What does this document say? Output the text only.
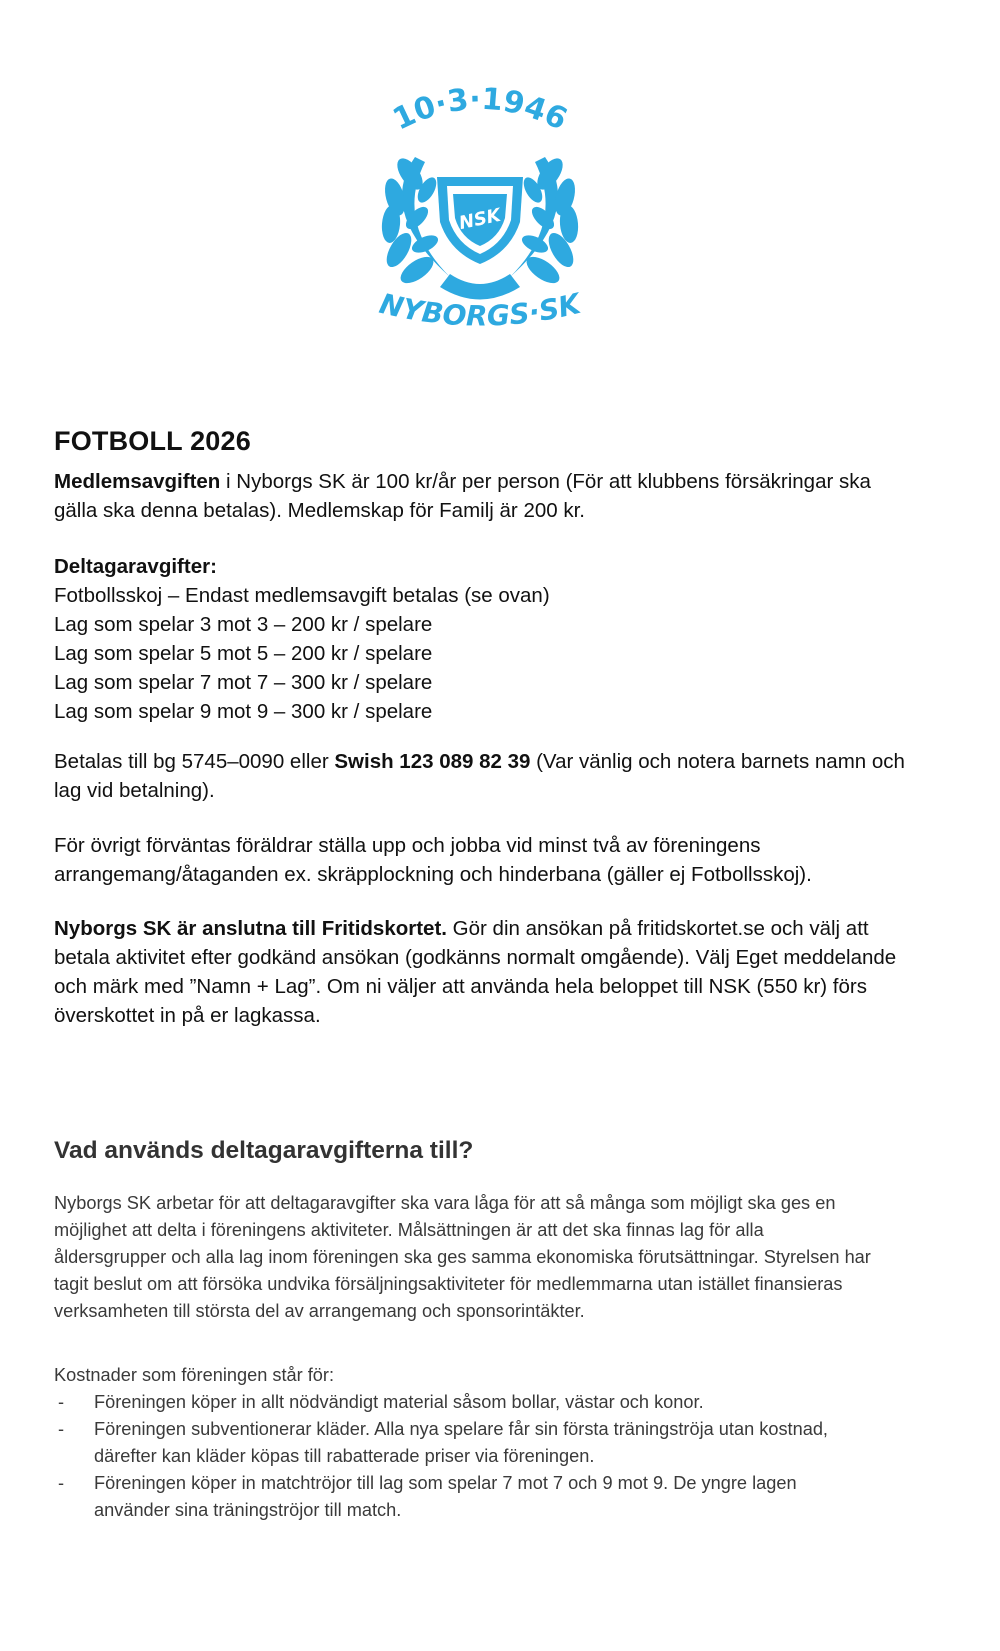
10·3·1946
NSK
NYBORGS·SK
FOTBOLL 2026

Medlemsavgiften i Nyborgs SK är 100 kr/år per person (För att klubbens försäkringar ska

gälla ska denna betalas). Medlemskap för Familj är 200 kr.

Deltagaravgifter:

Fotbollsskoj – Endast medlemsavgift betalas (se ovan)

Lag som spelar 3 mot 3 – 200 kr / spelare

Lag som spelar 5 mot 5 – 200 kr / spelare

Lag som spelar 7 mot 7 – 300 kr / spelare

Lag som spelar 9 mot 9 – 300 kr / spelare

Betalas till bg 5745–0090 eller Swish 123 089 82 39 (Var vänlig och notera barnets namn och

lag vid betalning).

För övrigt förväntas föräldrar ställa upp och jobba vid minst två av föreningens

arrangemang/åtaganden ex. skräpplockning och hinderbana (gäller ej Fotbollsskoj).

Nyborgs SK är anslutna till Fritidskortet. Gör din ansökan på fritidskortet.se och välj att

betala aktivitet efter godkänd ansökan (godkänns normalt omgående). Välj Eget meddelande

och märk med ”Namn + Lag”. Om ni väljer att använda hela beloppet till NSK (550 kr) förs

överskottet in på er lagkassa.

Vad används deltagaravgifterna till?

Nyborgs SK arbetar för att deltagaravgifter ska vara låga för att så många som möjligt ska ges en

möjlighet att delta i föreningens aktiviteter. Målsättningen är att det ska finnas lag för alla

åldersgrupper och alla lag inom föreningen ska ges samma ekonomiska förutsättningar. Styrelsen har

tagit beslut om att försöka undvika försäljningsaktiviteter för medlemmarna utan istället finansieras

verksamheten till största del av arrangemang och sponsorintäkter.

Kostnader som föreningen står för:

- Föreningen köper in allt nödvändigt material såsom bollar, västar och konor.
- Föreningen subventionerar kläder. Alla nya spelare får sin första träningströja utan kostnad,
därefter kan kläder köpas till rabatterade priser via föreningen.
- Föreningen köper in matchtröjor till lag som spelar 7 mot 7 och 9 mot 9. De yngre lagen
använder sina träningströjor till match.
